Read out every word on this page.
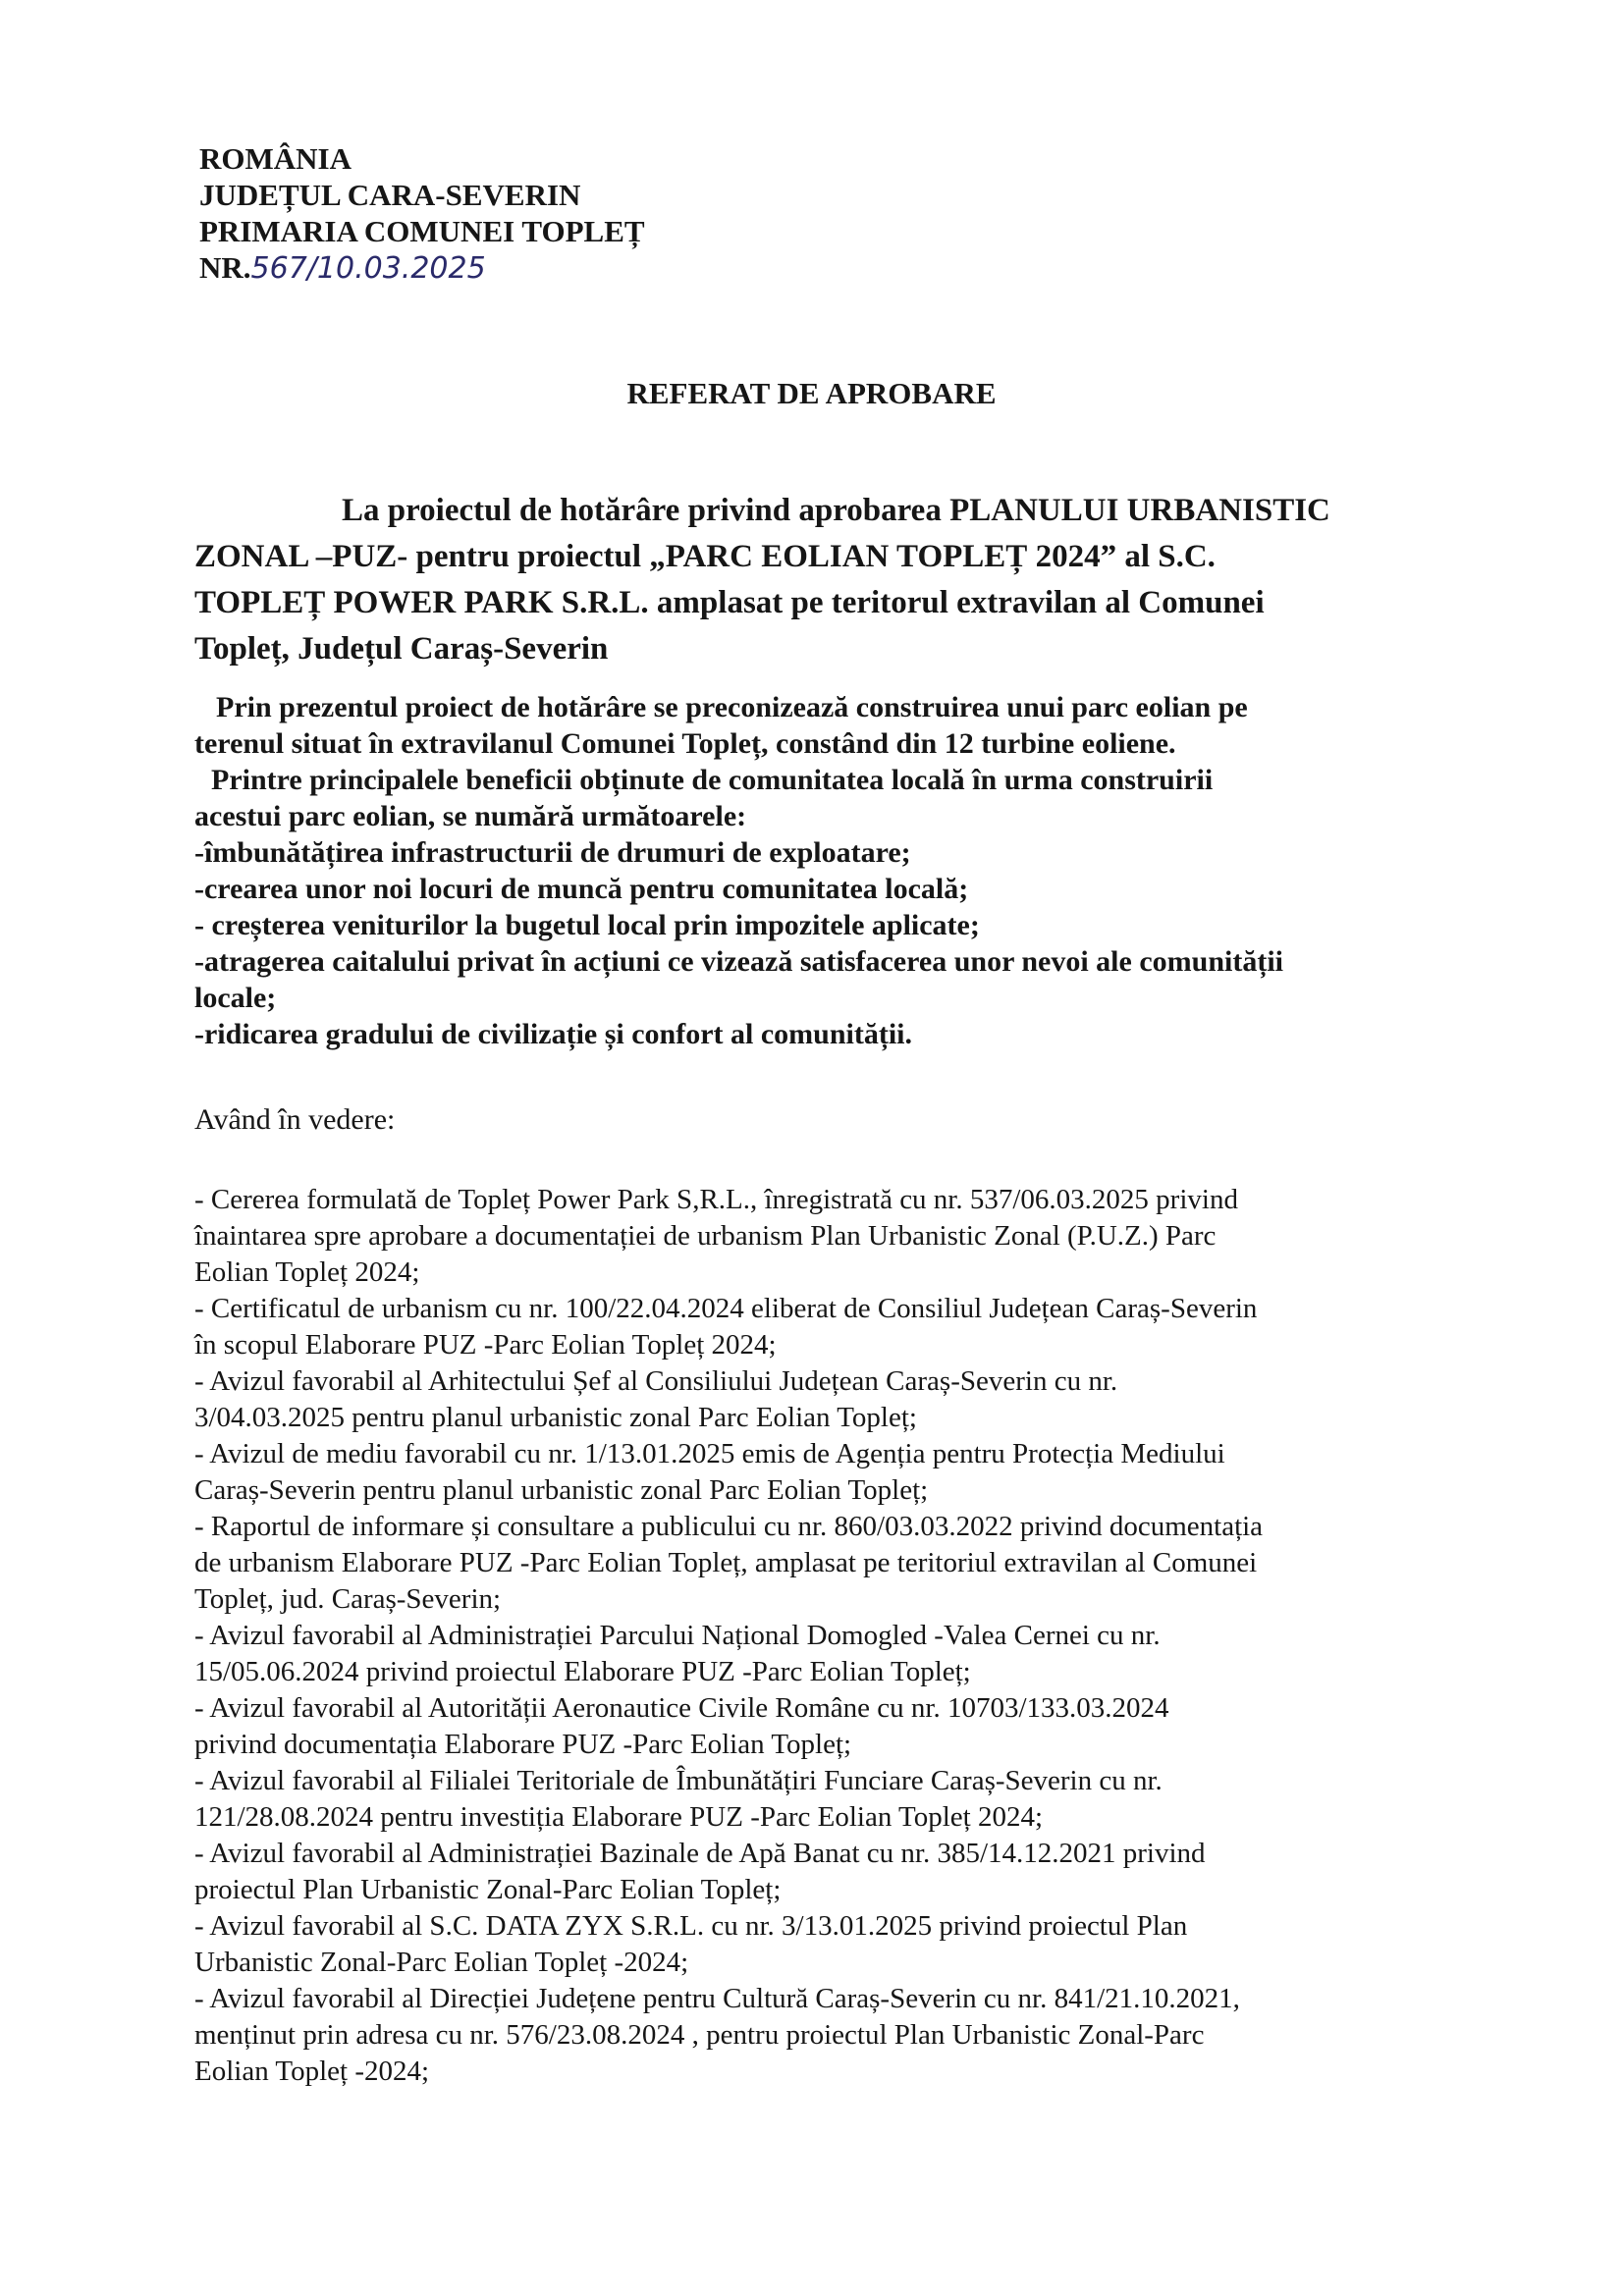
ROMÂNIA
JUDEȚUL CARA-SEVERIN
PRIMARIA COMUNEI TOPLEȚ
NR.567/10.03.2025
REFERAT DE APROBARE
La proiectul de hotărâre privind aprobarea PLANULUI URBANISTIC
ZONAL –PUZ- pentru proiectul „PARC EOLIAN TOPLEȚ 2024” al S.C.
TOPLEȚ POWER PARK S.R.L. amplasat pe teritorul extravilan al Comunei
Topleț, Județul Caraș-Severin
Prin prezentul proiect de hotărâre se preconizează construirea unui parc eolian pe
terenul situat în extravilanul Comunei Topleț, constând din 12 turbine eoliene.
Printre principalele beneficii obținute de comunitatea locală în urma construirii
acestui parc eolian, se numără următoarele:
-îmbunătățirea infrastructurii de drumuri de exploatare;
-crearea unor noi locuri de muncă pentru comunitatea locală;
- creșterea veniturilor la bugetul local prin impozitele aplicate;
-atragerea caitalului privat în acțiuni ce vizează satisfacerea unor nevoi ale comunității
locale;
-ridicarea gradului de civilizație și confort al comunității.
Având în vedere:
- Cererea formulată de Topleț Power Park S,R.L., înregistrată cu nr. 537/06.03.2025 privind
înaintarea spre aprobare a documentației de urbanism Plan Urbanistic Zonal (P.U.Z.) Parc
Eolian Topleț 2024;
- Certificatul de urbanism cu nr. 100/22.04.2024 eliberat de Consiliul Județean Caraș-Severin
în scopul Elaborare PUZ -Parc Eolian Topleț 2024;
- Avizul favorabil al Arhitectului Șef al Consiliului Județean Caraș-Severin cu nr.
3/04.03.2025 pentru planul urbanistic zonal Parc Eolian Topleț;
- Avizul de mediu favorabil cu nr. 1/13.01.2025 emis de Agenția pentru Protecția Mediului
Caraș-Severin pentru planul urbanistic zonal Parc Eolian Topleț;
- Raportul de informare și consultare a publicului cu nr. 860/03.03.2022 privind documentația
de urbanism Elaborare PUZ -Parc Eolian Topleț, amplasat pe teritoriul extravilan al Comunei
Topleț, jud. Caraș-Severin;
- Avizul favorabil al Administrației Parcului Național Domogled -Valea Cernei cu nr.
15/05.06.2024 privind proiectul Elaborare PUZ -Parc Eolian Topleț;
- Avizul favorabil al Autorității Aeronautice Civile Române cu nr. 10703/133.03.2024
privind documentația Elaborare PUZ -Parc Eolian Topleț;
- Avizul favorabil al Filialei Teritoriale de Îmbunătățiri Funciare Caraș-Severin cu nr.
121/28.08.2024 pentru investiția Elaborare PUZ -Parc Eolian Topleț 2024;
- Avizul favorabil al Administrației Bazinale de Apă Banat cu nr. 385/14.12.2021 privind
proiectul Plan Urbanistic Zonal-Parc Eolian Topleț;
- Avizul favorabil al S.C. DATA ZYX S.R.L. cu nr. 3/13.01.2025 privind proiectul Plan
Urbanistic Zonal-Parc Eolian Topleț -2024;
- Avizul favorabil al Direcției Județene pentru Cultură Caraș-Severin cu nr. 841/21.10.2021,
menținut prin adresa cu nr. 576/23.08.2024 , pentru proiectul Plan Urbanistic Zonal-Parc
Eolian Topleț -2024;
